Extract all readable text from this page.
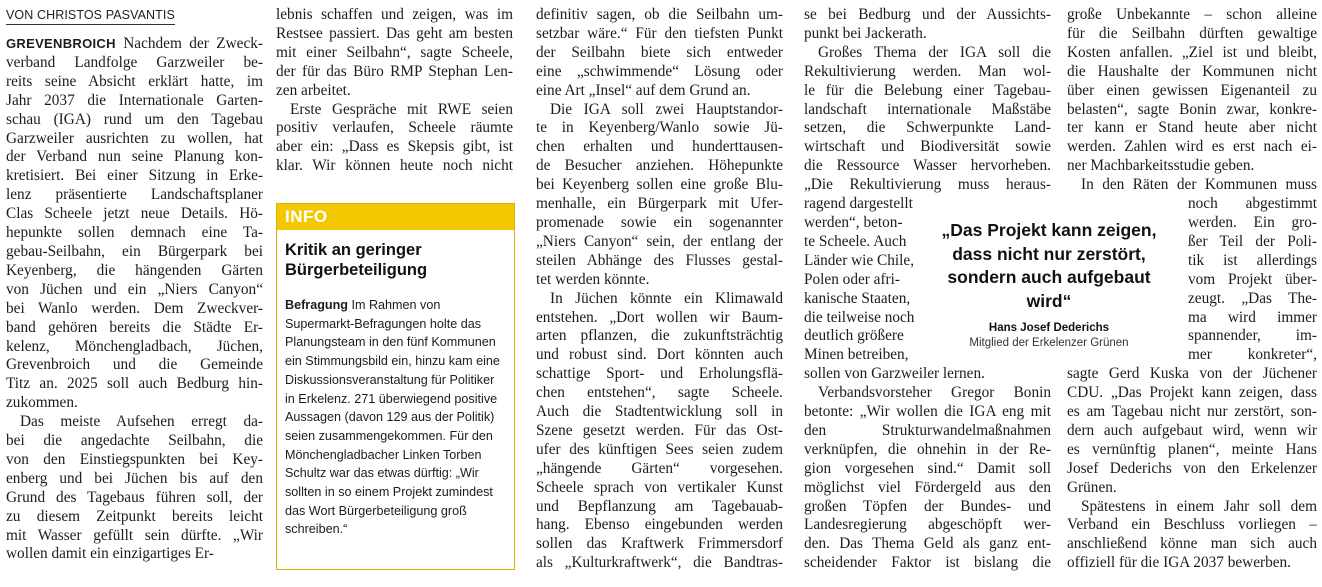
VON CHRISTOS PASVANTIS
GREVENBROICH Nachdem der Zweck-
verband Landfolge Garzweiler be-
reits seine Absicht erklärt hatte, im
Jahr 2037 die Internationale Garten-
schau (IGA) rund um den Tagebau
Garzweiler ausrichten zu wollen, hat
der Verband nun seine Planung kon-
kretisiert. Bei einer Sitzung in Erke-
lenz präsentierte Landschaftsplaner
Clas Scheele jetzt neue Details. Hö-
hepunkte sollen demnach eine Ta-
gebau-Seilbahn, ein Bürgerpark bei
Keyenberg, die hängenden Gärten
von Jüchen und ein „Niers Canyon“
bei Wanlo werden. Dem Zweckver-
band gehören bereits die Städte Er-
kelenz, Mönchengladbach, Jüchen,
Grevenbroich und die Gemeinde
Titz an. 2025 soll auch Bedburg hin-
zukommen.
Das meiste Aufsehen erregt da-
bei die angedachte Seilbahn, die
von den Einstiegspunkten bei Key-
enberg und bei Jüchen bis auf den
Grund des Tagebaus führen soll, der
zu diesem Zeitpunkt bereits leicht
mit Wasser gefüllt sein dürfte. „Wir
wollen damit ein einzigartiges Er-
lebnis schaffen und zeigen, was im
Restsee passiert. Das geht am besten
mit einer Seilbahn“, sagte Scheele,
der für das Büro RMP Stephan Len-
zen arbeitet.
Erste Gespräche mit RWE seien
positiv verlaufen, Scheele räumte
aber ein: „Dass es Skepsis gibt, ist
klar. Wir können heute noch nicht
INFO
Kritik an geringer Bürgerbeteiligung
Befragung Im Rahmen von Supermarkt-Befragungen holte das Planungsteam in den fünf Kommunen ein Stimmungsbild ein, hinzu kam eine Diskussionsveranstaltung für Politiker in Erkelenz. 271 überwiegend positive Aussagen (davon 129 aus der Politik) seien zusammengekommen. Für den Mönchengladbacher Linken Torben Schultz war das etwas dürftig: „Wir sollten in so einem Projekt zumindest das Wort Bürgerbeteiligung groß schreiben.“
definitiv sagen, ob die Seilbahn um-
setzbar wäre.“ Für den tiefsten Punkt
der Seilbahn biete sich entweder
eine „schwimmende“ Lösung oder
eine Art „Insel“ auf dem Grund an.
Die IGA soll zwei Hauptstandor-
te in Keyenberg/Wanlo sowie Jü-
chen erhalten und hunderttausen-
de Besucher anziehen. Höhepunkte
bei Keyenberg sollen eine große Blu-
menhalle, ein Bürgerpark mit Ufer-
promenade sowie ein sogenannter
„Niers Canyon“ sein, der entlang der
steilen Abhänge des Flusses gestal-
tet werden könnte.
In Jüchen könnte ein Klimawald
entstehen. „Dort wollen wir Baum-
arten pflanzen, die zukunftsträchtig
und robust sind. Dort könnten auch
schattige Sport- und Erholungsflä-
chen entstehen“, sagte Scheele.
Auch die Stadtentwicklung soll in
Szene gesetzt werden. Für das Ost-
ufer des künftigen Sees seien zudem
„hängende Gärten“ vorgesehen.
Scheele sprach von vertikaler Kunst
und Bepflanzung am Tagebauab-
hang. Ebenso eingebunden werden
sollen das Kraftwerk Frimmersdorf
als „Kulturkraftwerk“, die Bandtras-
se bei Bedburg und der Aussichts-
punkt bei Jackerath.
Großes Thema der IGA soll die
Rekultivierung werden. Man wol-
le für die Belebung einer Tagebau-
landschaft internationale Maßstäbe
setzen, die Schwerpunkte Land-
wirtschaft und Biodiversität sowie
die Ressource Wasser hervorheben.
„Die Rekultivierung muss heraus-
ragend dargestellt
werden“, beton-
te Scheele. Auch
Länder wie Chile,
Polen oder afri-
kanische Staaten,
die teilweise noch
deutlich größere
Minen betreiben,
sollen von Garzweiler lernen.
Verbandsvorsteher Gregor Bonin
betonte: „Wir wollen die IGA eng mit
den Strukturwandelmaßnahmen
verknüpfen, die ohnehin in der Re-
gion vorgesehen sind.“ Damit soll
möglichst viel Fördergeld aus den
großen Töpfen der Bundes- und
Landesregierung abgeschöpft wer-
den. Das Thema Geld als ganz ent-
scheidender Faktor ist bislang die
„Das Projekt kann zeigen, dass nicht nur zerstört, sondern auch aufgebaut wird“
Hans Josef Dederichs
Mitglied der Erkelenzer Grünen
große Unbekannte – schon alleine
für die Seilbahn dürften gewaltige
Kosten anfallen. „Ziel ist und bleibt,
die Haushalte der Kommunen nicht
über einen gewissen Eigenanteil zu
belasten“, sagte Bonin zwar, konkre-
ter kann er Stand heute aber nicht
werden. Zahlen wird es erst nach ei-
ner Machbarkeitsstudie geben.
In den Räten der Kommunen muss
noch abgestimmt
werden. Ein gro-
ßer Teil der Poli-
tik ist allerdings
vom Projekt über-
zeugt. „Das The-
ma wird immer
spannender, im-
mer konkreter“,
sagte Gerd Kuska von der Jüchener
CDU. „Das Projekt kann zeigen, dass
es am Tagebau nicht nur zerstört, son-
dern auch aufgebaut wird, wenn wir
es vernünftig planen“, meinte Hans
Josef Dederichs von den Erkelenzer
Grünen.
Spätestens in einem Jahr soll dem
Verband ein Beschluss vorliegen –
anschließend könne man sich auch
offiziell für die IGA 2037 bewerben.
